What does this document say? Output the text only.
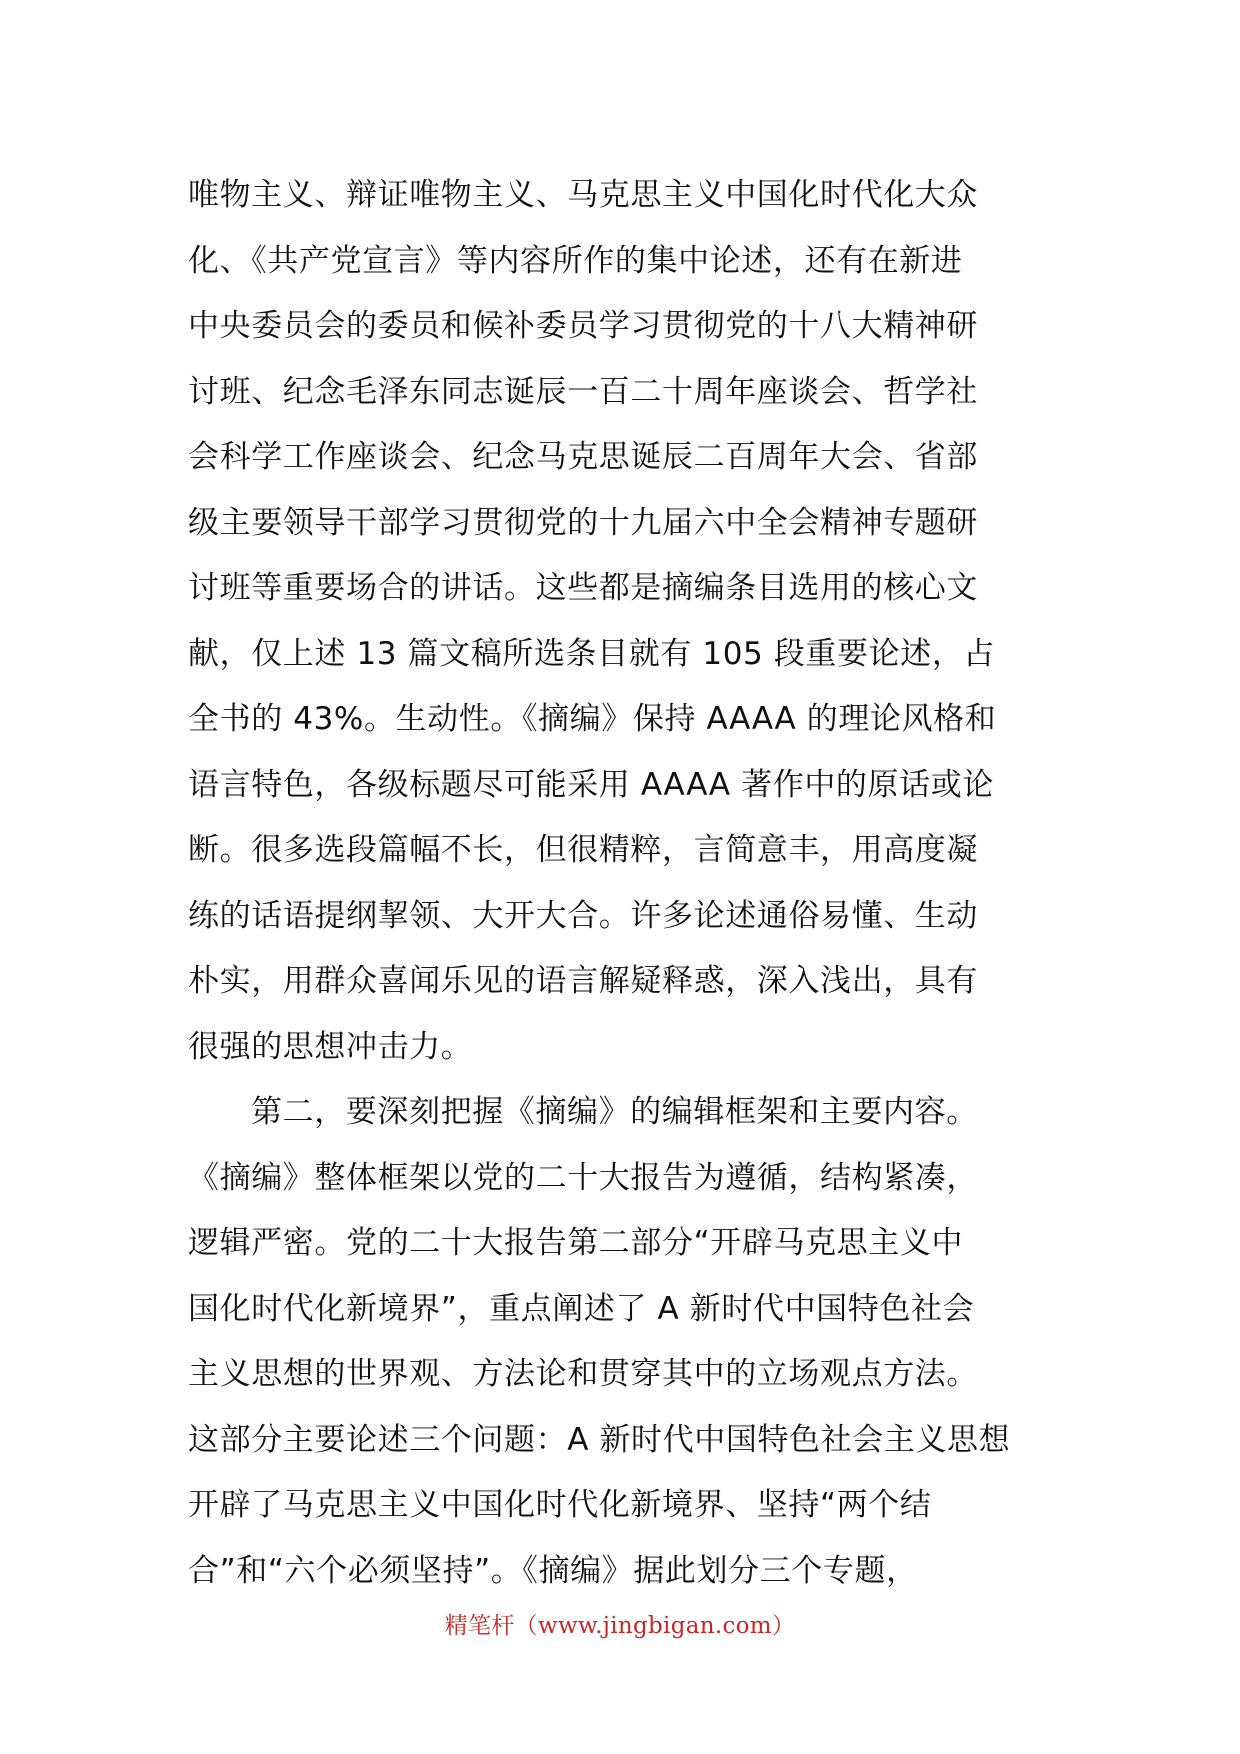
唯物主义、辩证唯物主义、马克思主义中国化时代化大众
化、《共产党宣言》等内容所作的集中论述，还有在新进
中央委员会的委员和候补委员学习贯彻党的十八大精神研
讨班、纪念毛泽东同志诞辰一百二十周年座谈会、哲学社
会科学工作座谈会、纪念马克思诞辰二百周年大会、省部
级主要领导干部学习贯彻党的十九届六中全会精神专题研
讨班等重要场合的讲话。这些都是摘编条目选用的核心文
献，仅上述 13 篇文稿所选条目就有 105 段重要论述，占
全书的 43%。生动性。《摘编》保持 AAAA 的理论风格和
语言特色，各级标题尽可能采用 AAAA 著作中的原话或论
断。很多选段篇幅不长，但很精粹，言简意丰，用高度凝
练的话语提纲挈领、大开大合。许多论述通俗易懂、生动
朴实，用群众喜闻乐见的语言解疑释惑，深入浅出，具有
很强的思想冲击力。
第二，要深刻把握《摘编》的编辑框架和主要内容。
《摘编》整体框架以党的二十大报告为遵循，结构紧凑，
逻辑严密。党的二十大报告第二部分“开辟马克思主义中
国化时代化新境界”，重点阐述了 A 新时代中国特色社会
主义思想的世界观、方法论和贯穿其中的立场观点方法。
这部分主要论述三个问题：A 新时代中国特色社会主义思想
开辟了马克思主义中国化时代化新境界、坚持“两个结
合”和“六个必须坚持”。《摘编》据此划分三个专题，
精笔杆（www.jingbigan.com）
